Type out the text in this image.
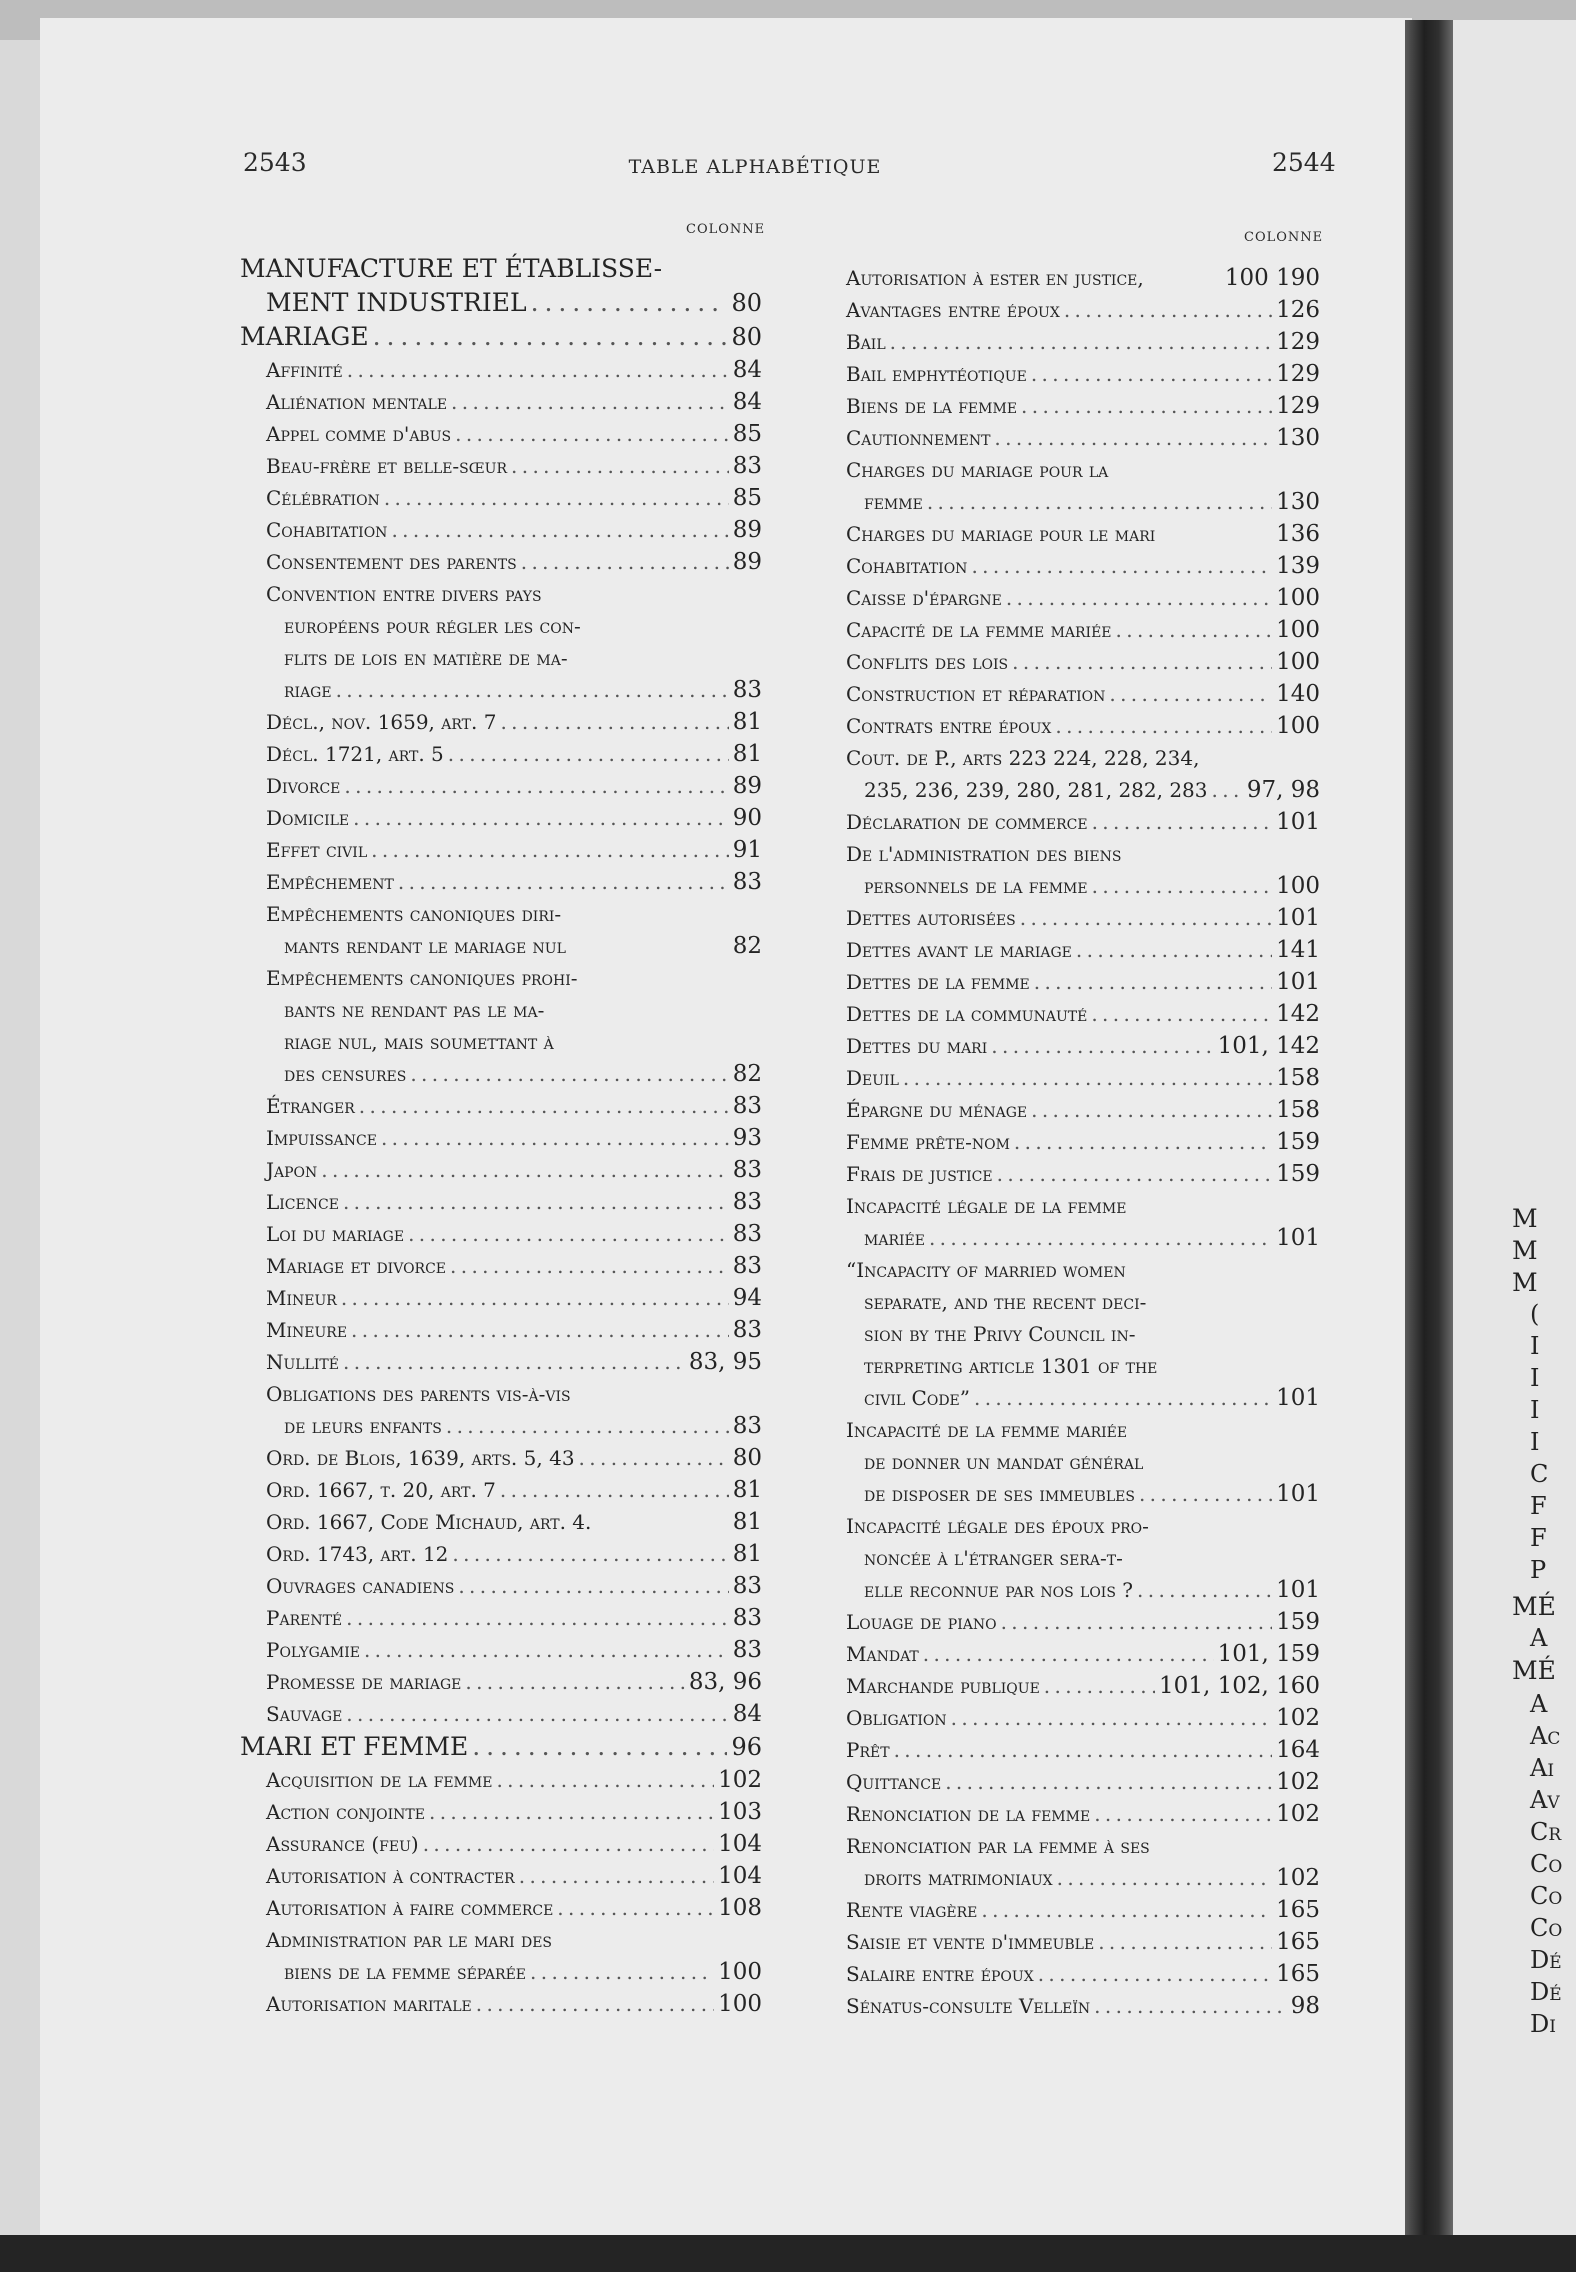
2543	TABLE ALPHABÉTIQUE	2544
COLONNE
COLONNE
MANUFACTURE ET ÉTABLISSE-
MENT INDUSTRIEL . . .	80
MARIAGE . . .	80
Affinité . . .	84
Aliénation mentale . . .	84
Appel comme d'abus . . .	85
Beau-frère et belle-sœur . . .	83
Célébration . . .	85
Cohabitation . . .	89
Consentement des parents . . .	89
Convention entre divers pays
européens pour régler les con-
flits de lois en matière de ma-
riage . . .	83
Décl., nov. 1659, art. 7 . . .	81
Décl. 1721, art. 5 . . .	81
Divorce . . .	89
Domicile . . .	90
Effet civil . . .	91
Empêchement . . .	83
Empêchements canoniques diri-
mants rendant le mariage nul	82
Empêchements canoniques prohi-
bants ne rendant pas le ma-
riage nul, mais soumettant à
des censures . . .	82
Étranger . . .	83
Impuissance . . .	93
Japon . . .	83
Licence . . .	83
Loi du mariage . . .	83
Mariage et divorce . . .	83
Mineur . . .	94
Mineure . . .	83
Nullité . . .	83, 95
Obligations des parents vis-à-vis
de leurs enfants . . .	83
Ord. de Blois, 1639, arts. 5, 43 . . .	80
Ord. 1667, t. 20, art. 7 . . .	81
Ord. 1667, Code Michaud, art. 4.	81
Ord. 1743, art. 12 . . .	81
Ouvrages canadiens . . .	83
Parenté . . .	83
Polygamie . . .	83
Promesse de mariage . . .	83, 96
Sauvage . . .	84
MARI ET FEMME . . .	96
Acquisition de la femme . . .	102
Action conjointe . . .	103
Assurance (feu) . . .	104
Autorisation à contracter . . .	104
Autorisation à faire commerce . . .	108
Administration par le mari des
biens de la femme séparée . . .	100
Autorisation maritale . . .	100
Autorisation à ester en justice,	100 190
Avantages entre époux . . .	126
Bail . . .	129
Bail emphytéotique . . .	129
Biens de la femme . . .	129
Cautionnement . . .	130
Charges du mariage pour la
femme . . .	130
Charges du mariage pour le mari	136
Cohabitation . . .	139
Caisse d'épargne . . .	100
Capacité de la femme mariée . . .	100
Conflits des lois . . .	100
Construction et réparation . . .	140
Contrats entre époux . . .	100
Cout. de P., arts 223 224, 228, 234,
235, 236, 239, 280, 281, 282, 283 . . . 97, 98
Déclaration de commerce . . .	101
De l'administration des biens
personnels de la femme . . .	100
Dettes autorisées . . .	101
Dettes avant le mariage . . .	141
Dettes de la femme . . .	101
Dettes de la communauté . . .	142
Dettes du mari . . .	101, 142
Deuil . . .	158
Épargne du ménage . . .	158
Femme prête-nom . . .	159
Frais de justice . . .	159
Incapacité légale de la femme
mariée . . .	101
“Incapacity of married women
separate, and the recent deci-
sion by the Privy Council in-
terpreting article 1301 of the
civil Code” . . .	101
Incapacité de la femme mariée
de donner un mandat général
de disposer de ses immeubles . . .	101
Incapacité légale des époux pro-
noncée à l'étranger sera-t-
elle reconnue par nos lois ? . . .	101
Louage de piano . . .	159
Mandat . . .	101, 159
Marchande publique . . .	101, 102, 160
Obligation . . .	102
Prêt . . .	164
Quittance . . .	102
Renonciation de la femme . . .	102
Renonciation par la femme à ses
droits matrimoniaux . . .	102
Rente viagère . . .	165
Saisie et vente d'immeuble . . .	165
Salaire entre époux . . .	165
Sénatus-consulte Velleïn . . .	98
M
M
M
(
I
I
I
I
C
F
F
P
MÉ
A
MÉ
A
Ac
Ai
Av
Cr
Co
Co
Co
Dé
Dé
Di
